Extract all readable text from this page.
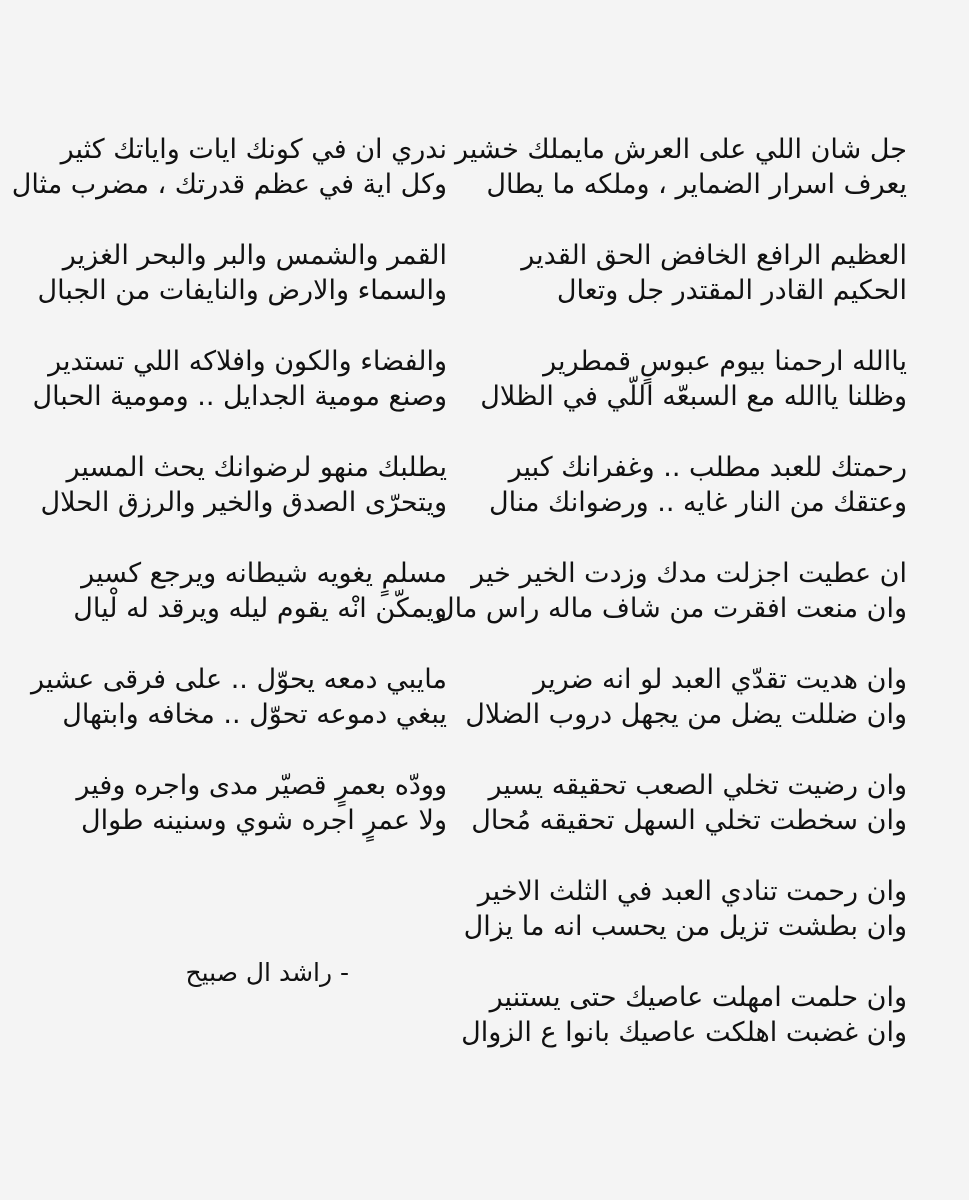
جل شان اللي على العرش مايملك خشير
يعرف اسرار الضماير ، وملكه ما يطال
العظيم الرافع الخافض الحق القدير
الحكيم القادر المقتدر جل وتعال
ياالله ارحمنا بيوم عبوسٍ قمطرير
وظلنا ياالله مع السبعّه اللّي في الظلال
رحمتك للعبد مطلب .. وغفرانك كبير
وعتقك من النار غايه .. ورضوانك منال
ان عطيت اجزلت مدك وزدت الخير خير
وان منعت افقرت من شاف ماله راس مال
وان هديت تقدّي العبد لو انه ضرير
وان ضللت يضل من يجهل دروب الضلال
وان رضيت تخلي الصعب تحقيقه يسير
وان سخطت تخلي السهل تحقيقه مُحال
وان رحمت تنادي العبد في الثلث الاخير
وان بطشت تزيل من يحسب انه ما يزال
وان حلمت امهلت عاصيك حتى يستنير
وان غضبت اهلكت عاصيك بانوا ع الزوال
ندري ان في كونك ايات واياتك كثير
وكل اية في عظم قدرتك ، مضرب مثال
القمر والشمس والبر والبحر الغزير
والسماء والارض والنايفات من الجبال
والفضاء والكون وافلاكه اللي تستدير
وصنع مومية الجدايل .. ومومية الحبال
يطلبك منهو لرضوانك يحث المسير
ويتحرّى الصدق والخير والرزق الحلال
مسلمٍ يغويه شيطانه ويرجع كسير
ويمكّن انْه يقوم ليله ويرقد له لْيال
مايبي دمعه يحوّل .. على فرقى عشير
يبغي دموعه تحوّل .. مخافه وابتهال
وودّه بعمرٍ قصيّر مدى واجره وفير
ولا عمرٍ اجره شوي وسنينه طوال
- راشد ال صبيح
